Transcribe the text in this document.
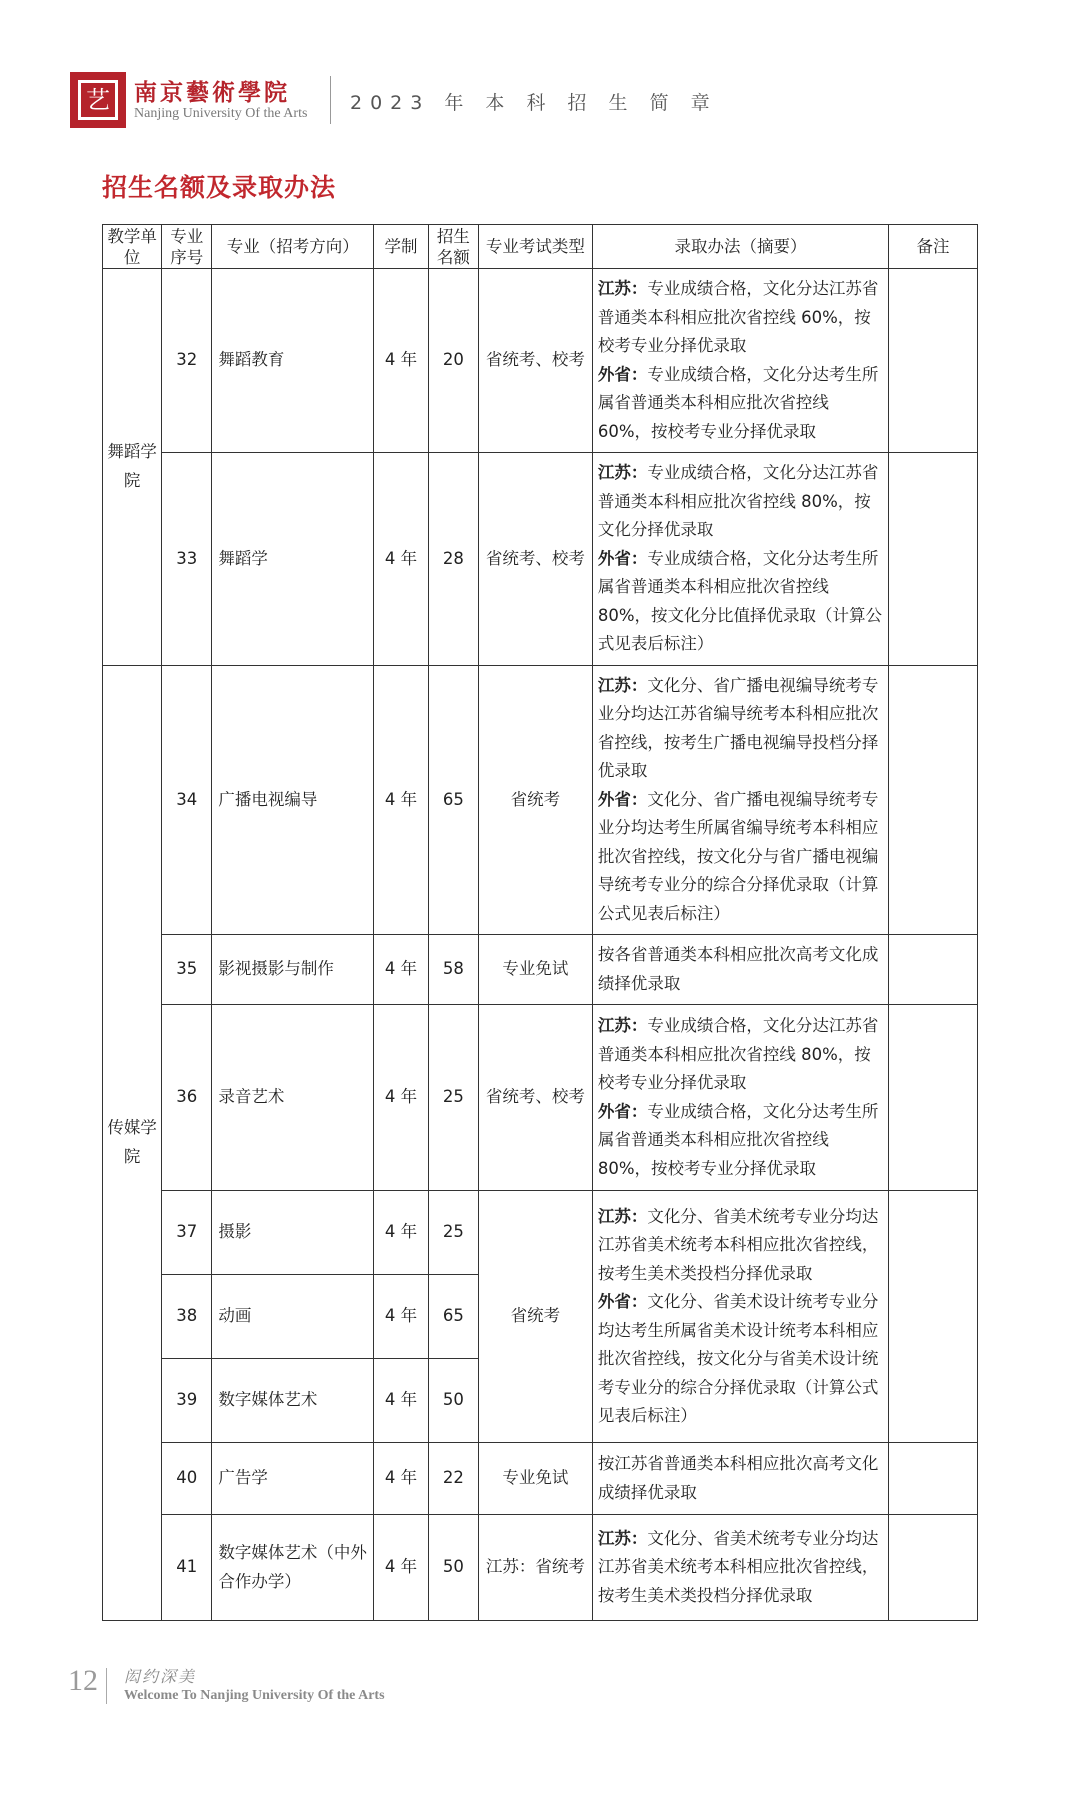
艺	南京藝術學院
Nanjing University Of the Arts 2023 年 本 科 招 生 简 章
招生名额及录取办法
教学单位	专业序号	专业（招考方向）	学制	招生名额	专业考试类型	录取办法（摘要）	备注
舞蹈学院	32	舞蹈教育	4 年	20	省统考、校考	江苏：专业成绩合格，文化分达江苏省普通类本科相应批次省控线 60%，按校考专业分择优录取
外省：专业成绩合格，文化分达考生所属省普通类本科相应批次省控线 60%，按校考专业分择优录取	
	33	舞蹈学	4 年	28	省统考、校考	江苏：专业成绩合格，文化分达江苏省普通类本科相应批次省控线 80%，按文化分择优录取
外省：专业成绩合格，文化分达考生所属省普通类本科相应批次省控线 80%，按文化分比值择优录取（计算公式见表后标注）	
传媒学院	34	广播电视编导	4 年	65	省统考	江苏：文化分、省广播电视编导统考专业分均达江苏省编导统考本科相应批次省控线，按考生广播电视编导投档分择优录取
外省：文化分、省广播电视编导统考专业分均达考生所属省编导统考本科相应批次省控线，按文化分与省广播电视编导统考专业分的综合分择优录取（计算公式见表后标注）	
	35	影视摄影与制作	4 年	58	专业免试	按各省普通类本科相应批次高考文化成绩择优录取	
	36	录音艺术	4 年	25	省统考、校考	江苏：专业成绩合格，文化分达江苏省普通类本科相应批次省控线 80%，按校考专业分择优录取
外省：专业成绩合格，文化分达考生所属省普通类本科相应批次省控线 80%，按校考专业分择优录取	
	37	摄影	4 年	25	省统考	江苏：文化分、省美术统考专业分均达江苏省美术统考本科相应批次省控线，按考生美术类投档分择优录取
外省：文化分、省美术设计统考专业分均达考生所属省美术设计统考本科相应批次省控线，按文化分与省美术设计统考专业分的综合分择优录取（计算公式见表后标注）	
	38	动画	4 年	65			
	39	数字媒体艺术	4 年	50			
	40	广告学	4 年	22	专业免试	按江苏省普通类本科相应批次高考文化成绩择优录取	
	41	数字媒体艺术（中外合作办学）	4 年	50	江苏：省统考	江苏：文化分、省美术统考专业分均达江苏省美术统考本科相应批次省控线，按考生美术类投档分择优录取	
12 闳约深美
Welcome To Nanjing University Of the Arts
